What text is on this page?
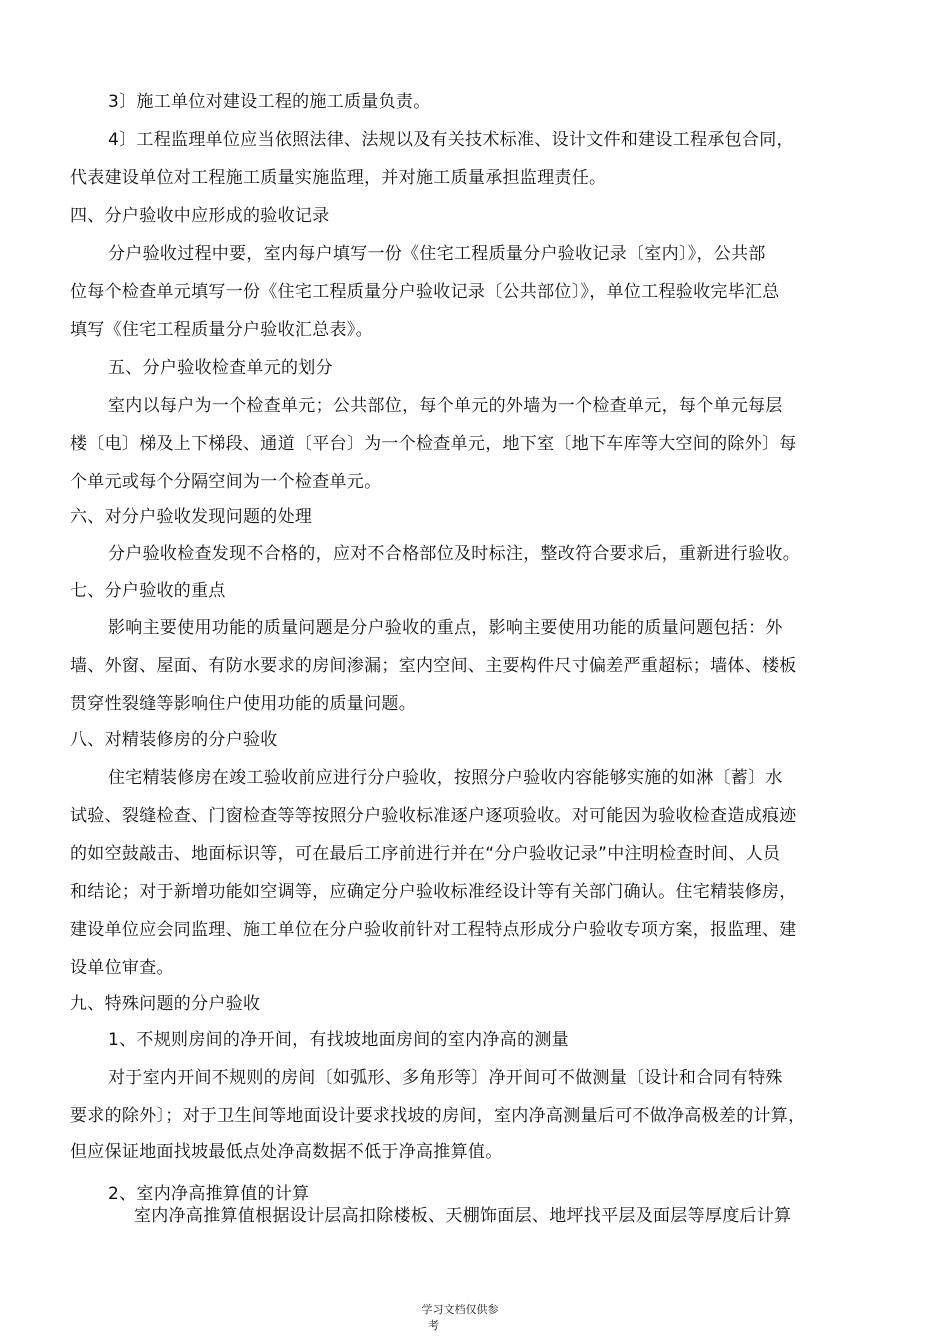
3〕施工单位对建设工程的施工质量负责。
4〕工程监理单位应当依照法律、法规以及有关技术标准、设计文件和建设工程承包合同，
代表建设单位对工程施工质量实施监理，并对施工质量承担监理责任。
四、分户验收中应形成的验收记录
分户验收过程中要，室内每户填写一份《住宅工程质量分户验收记录〔室内〕》，公共部
位每个检查单元填写一份《住宅工程质量分户验收记录〔公共部位〕》，单位工程验收完毕汇总
填写《住宅工程质量分户验收汇总表》。
五、分户验收检查单元的划分
室内以每户为一个检查单元；公共部位，每个单元的外墙为一个检查单元，每个单元每层
楼〔电〕梯及上下梯段、通道〔平台〕为一个检查单元，地下室〔地下车库等大空间的除外〕每
个单元或每个分隔空间为一个检查单元。
六、对分户验收发现问题的处理
分户验收检查发现不合格的，应对不合格部位及时标注，整改符合要求后，重新进行验收。
七、分户验收的重点
影响主要使用功能的质量问题是分户验收的重点，影响主要使用功能的质量问题包括：外
墙、外窗、屋面、有防水要求的房间渗漏；室内空间、主要构件尺寸偏差严重超标；墙体、楼板
贯穿性裂缝等影响住户使用功能的质量问题。
八、对精装修房的分户验收
住宅精装修房在竣工验收前应进行分户验收，按照分户验收内容能够实施的如淋〔蓄〕水
试验、裂缝检查、门窗检查等等按照分户验收标准逐户逐项验收。对可能因为验收检查造成痕迹
的如空鼓敲击、地面标识等，可在最后工序前进行并在“分户验收记录”中注明检查时间、人员
和结论；对于新增功能如空调等，应确定分户验收标准经设计等有关部门确认。住宅精装修房，
建设单位应会同监理、施工单位在分户验收前针对工程特点形成分户验收专项方案，报监理、建
设单位审查。
九、特殊问题的分户验收
1、不规则房间的净开间，有找坡地面房间的室内净高的测量
对于室内开间不规则的房间〔如弧形、多角形等〕净开间可不做测量〔设计和合同有特殊
要求的除外〕；对于卫生间等地面设计要求找坡的房间，室内净高测量后可不做净高极差的计算，
但应保证地面找坡最低点处净高数据不低于净高推算值。
2、室内净高推算值的计算
室内净高推算值根据设计层高扣除楼板、天棚饰面层、地坪找平层及面层等厚度后计算
学习文档仅供参
考
